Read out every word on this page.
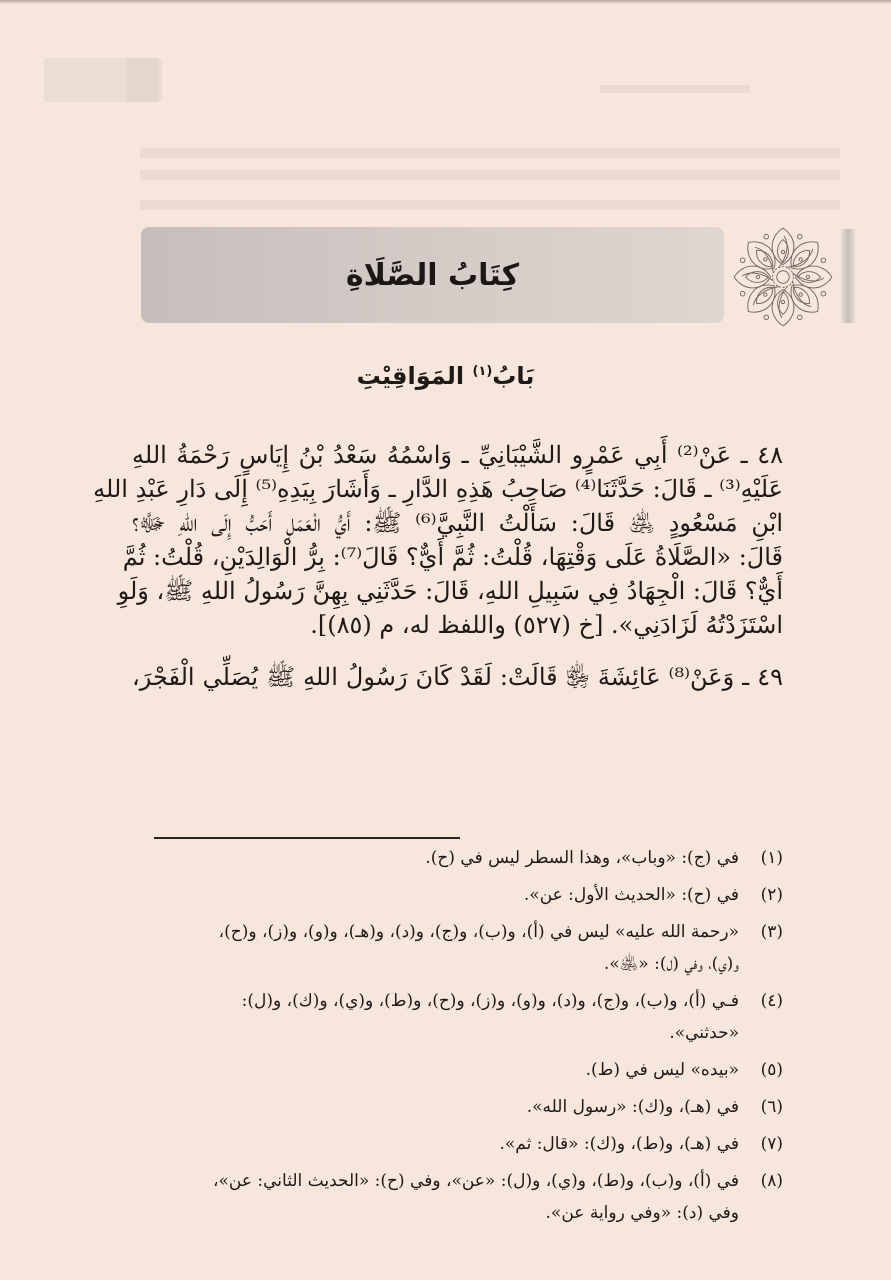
كِتَابُ الصَّلَاةِ
بَابُ$^{(١)}$ المَوَاقِيْتِ
٤٨ ـ عَنْ⁽²⁾ أَبِي عَمْرٍو الشَّيْبَانِيِّ ـ وَاسْمُهُ سَعْدُ بْنُ إِيَاسٍ رَحْمَةُ اللهِ
عَلَيْهِ⁽³⁾ ـ قَالَ: حَدَّثَنَا⁽⁴⁾ صَاحِبُ هَذِهِ الدَّارِ ـ وَأَشَارَ بِيَدِهِ⁽⁵⁾ إِلَى دَارِ عَبْدِ اللهِ
ابْنِ مَسْعُودٍ ﵁ قَالَ: سَأَلْتُ النَّبِيَّ⁽⁶⁾ ﷺ: أَيُّ الْعَمَلِ أَحَبُّ إِلَى اللهِ ﷻ؟
قَالَ: «الصَّلَاةُ عَلَى وَقْتِهَا، قُلْتُ: ثُمَّ أَيٌّ؟ قَالَ⁽⁷⁾: بِرُّ الْوَالِدَيْنِ، قُلْتُ: ثُمَّ
أَيٌّ؟ قَالَ: الْجِهَادُ فِي سَبِيلِ اللهِ، قَالَ: حَدَّثَنِي بِهِنَّ رَسُولُ اللهِ ﷺ، وَلَوِ
اسْتَزَدْتُهُ لَزَادَنِي». [خ (٥٢٧) واللفظ له، م (٨٥)].
٤٩ ـ وَعَنْ⁽⁸⁾ عَائِشَةَ ﵂ قَالَتْ: لَقَدْ كَانَ رَسُولُ اللهِ ﷺ يُصَلِّي الْفَجْرَ،
(١)
في (ج): «وباب»، وهذا السطر ليس في (ح).
(٢)
في (ح): «الحديث الأول: عن».
(٣)
«رحمة الله عليه» ليس في (أ)، و(ب)، و(ج)، و(د)، و(هـ)، و(و)، و(ز)، و(ح)،
و(ي)، وفي (ل): «﵁».
(٤)
فـي (أ)، و(ب)، و(ج)، و(د)، و(و)، و(ز)، و(ح)، و(ط)، و(ي)، و(ك)، و(ل):
«حدثني».
(٥)
«بيده» ليس في (ط).
(٦)
في (هـ)، و(ك): «رسول الله».
(٧)
في (هـ)، و(ط)، و(ك): «قال: ثم».
(٨)
في (أ)، و(ب)، و(ط)، و(ي)، و(ل): «عن»، وفي (ح): «الحديث الثاني: عن»،
وفي (د): «وفي رواية عن».
